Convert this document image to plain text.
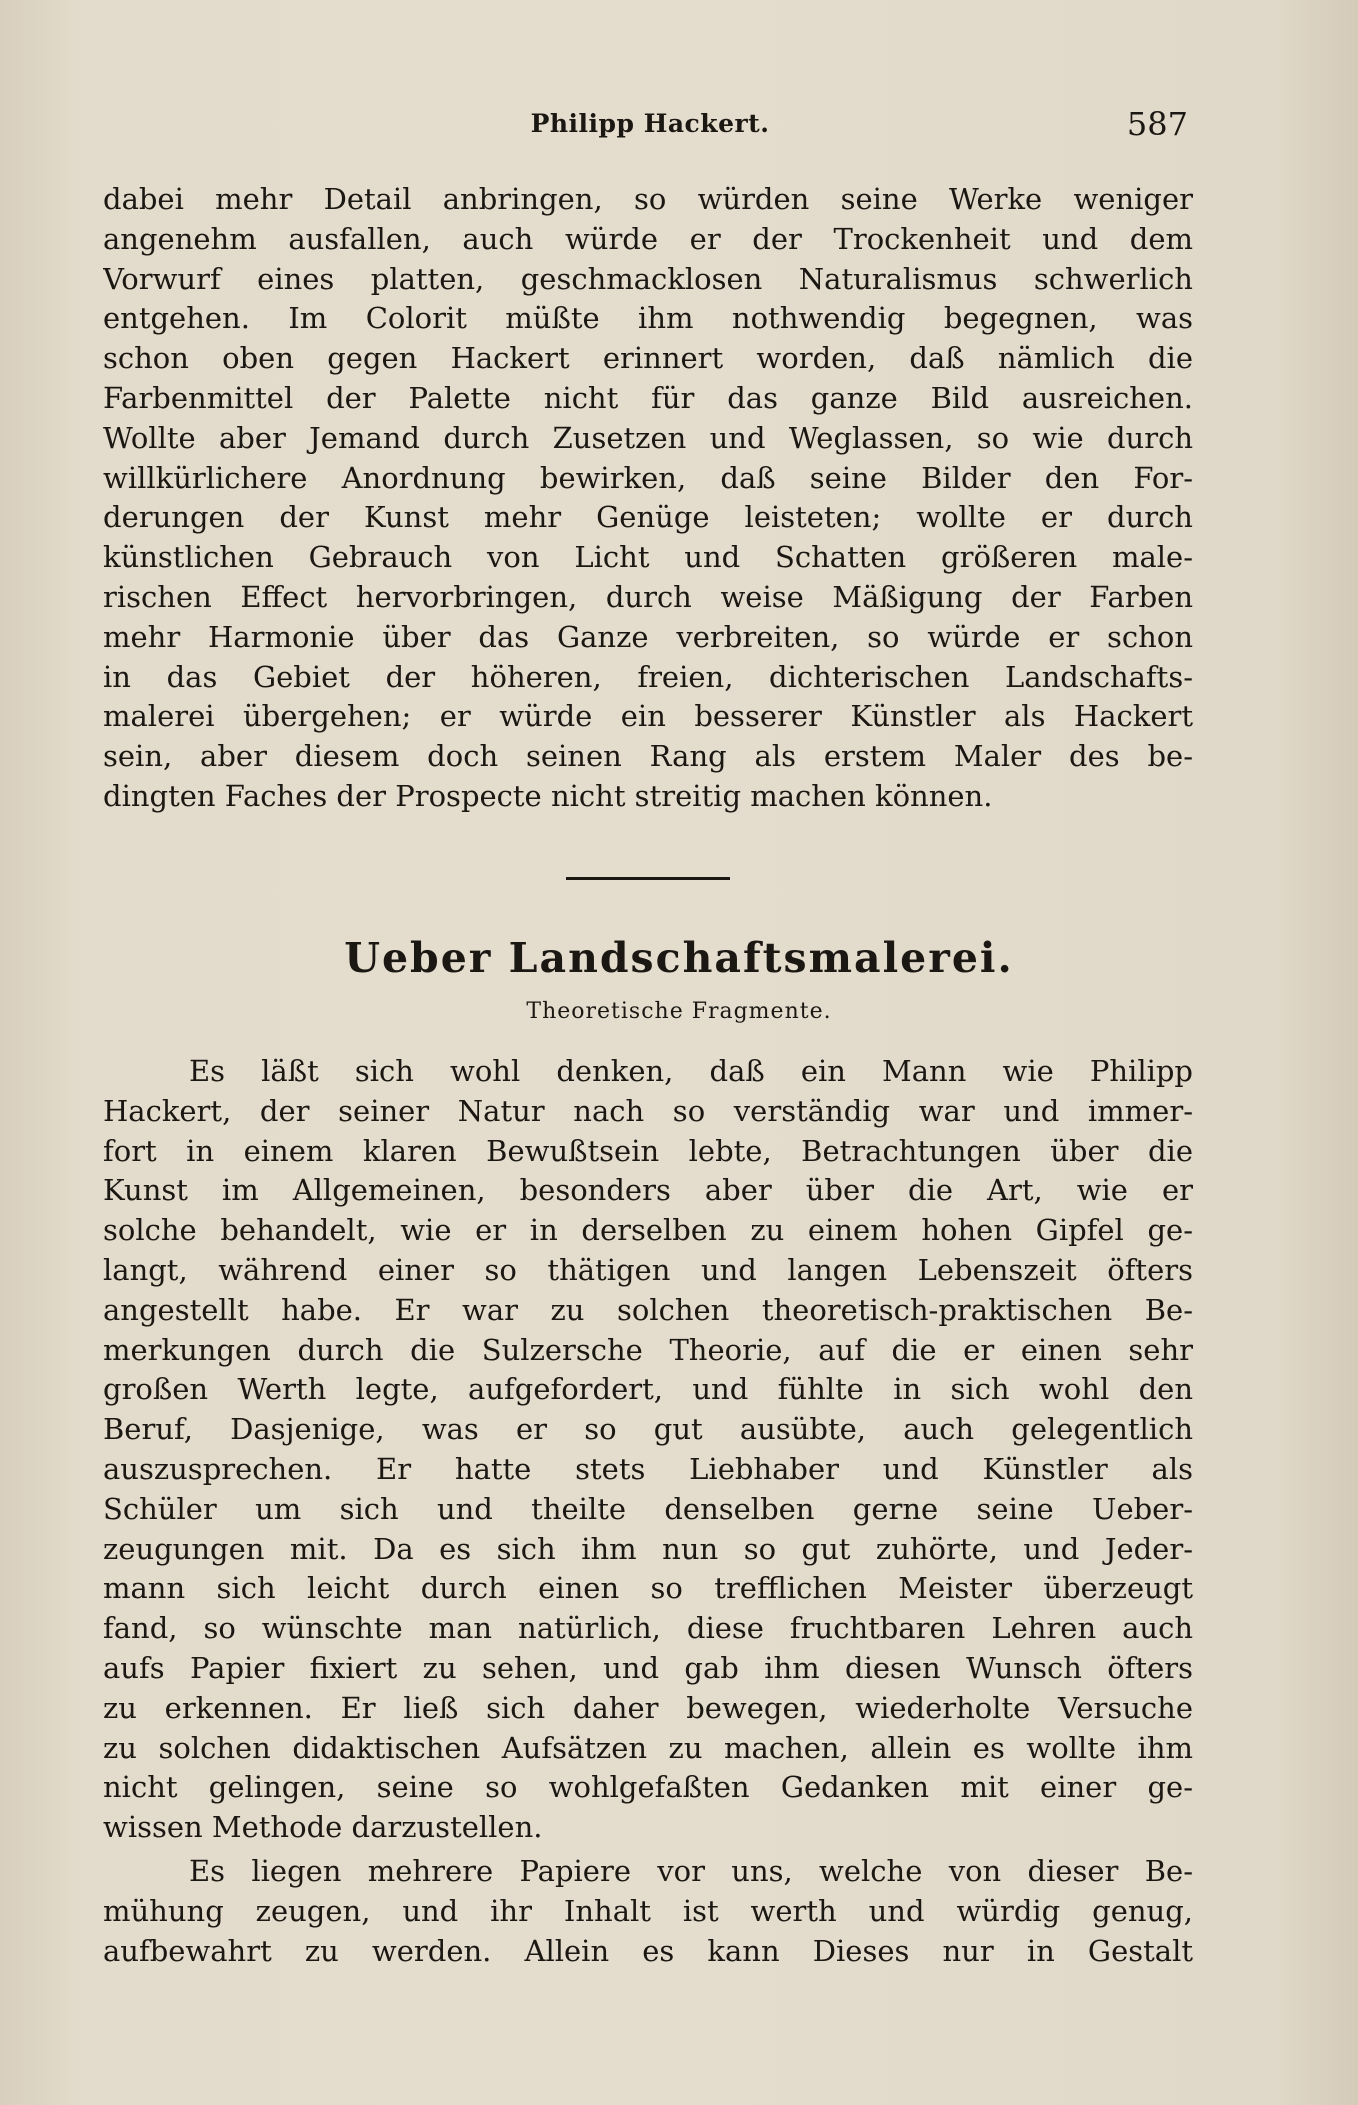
Philipp Hackert.	587
dabei mehr Detail anbringen, so würden seine Werke weniger
angenehm ausfallen, auch würde er der Trockenheit und dem
Vorwurf eines platten, geschmacklosen Naturalismus schwerlich
entgehen. Im Colorit müßte ihm nothwendig begegnen, was
schon oben gegen Hackert erinnert worden, daß nämlich die
Farbenmittel der Palette nicht für das ganze Bild ausreichen.
Wollte aber Jemand durch Zusetzen und Weglassen, so wie durch
willkürlichere Anordnung bewirken, daß seine Bilder den For-
derungen der Kunst mehr Genüge leisteten; wollte er durch
künstlichen Gebrauch von Licht und Schatten größeren male-
rischen Effect hervorbringen, durch weise Mäßigung der Farben
mehr Harmonie über das Ganze verbreiten, so würde er schon
in das Gebiet der höheren, freien, dichterischen Landschafts-
malerei übergehen; er würde ein besserer Künstler als Hackert
sein, aber diesem doch seinen Rang als erstem Maler des be-
dingten Faches der Prospecte nicht streitig machen können.
Ueber Landschaftsmalerei.
Theoretische Fragmente.
Es läßt sich wohl denken, daß ein Mann wie Philipp
Hackert, der seiner Natur nach so verständig war und immer-
fort in einem klaren Bewußtsein lebte, Betrachtungen über die
Kunst im Allgemeinen, besonders aber über die Art, wie er
solche behandelt, wie er in derselben zu einem hohen Gipfel ge-
langt, während einer so thätigen und langen Lebenszeit öfters
angestellt habe. Er war zu solchen theoretisch-praktischen Be-
merkungen durch die Sulzersche Theorie, auf die er einen sehr
großen Werth legte, aufgefordert, und fühlte in sich wohl den
Beruf, Dasjenige, was er so gut ausübte, auch gelegentlich
auszusprechen. Er hatte stets Liebhaber und Künstler als
Schüler um sich und theilte denselben gerne seine Ueber-
zeugungen mit. Da es sich ihm nun so gut zuhörte, und Jeder-
mann sich leicht durch einen so trefflichen Meister überzeugt
fand, so wünschte man natürlich, diese fruchtbaren Lehren auch
aufs Papier fixiert zu sehen, und gab ihm diesen Wunsch öfters
zu erkennen. Er ließ sich daher bewegen, wiederholte Versuche
zu solchen didaktischen Aufsätzen zu machen, allein es wollte ihm
nicht gelingen, seine so wohlgefaßten Gedanken mit einer ge-
wissen Methode darzustellen.
Es liegen mehrere Papiere vor uns, welche von dieser Be-
mühung zeugen, und ihr Inhalt ist werth und würdig genug,
aufbewahrt zu werden. Allein es kann Dieses nur in Gestalt
